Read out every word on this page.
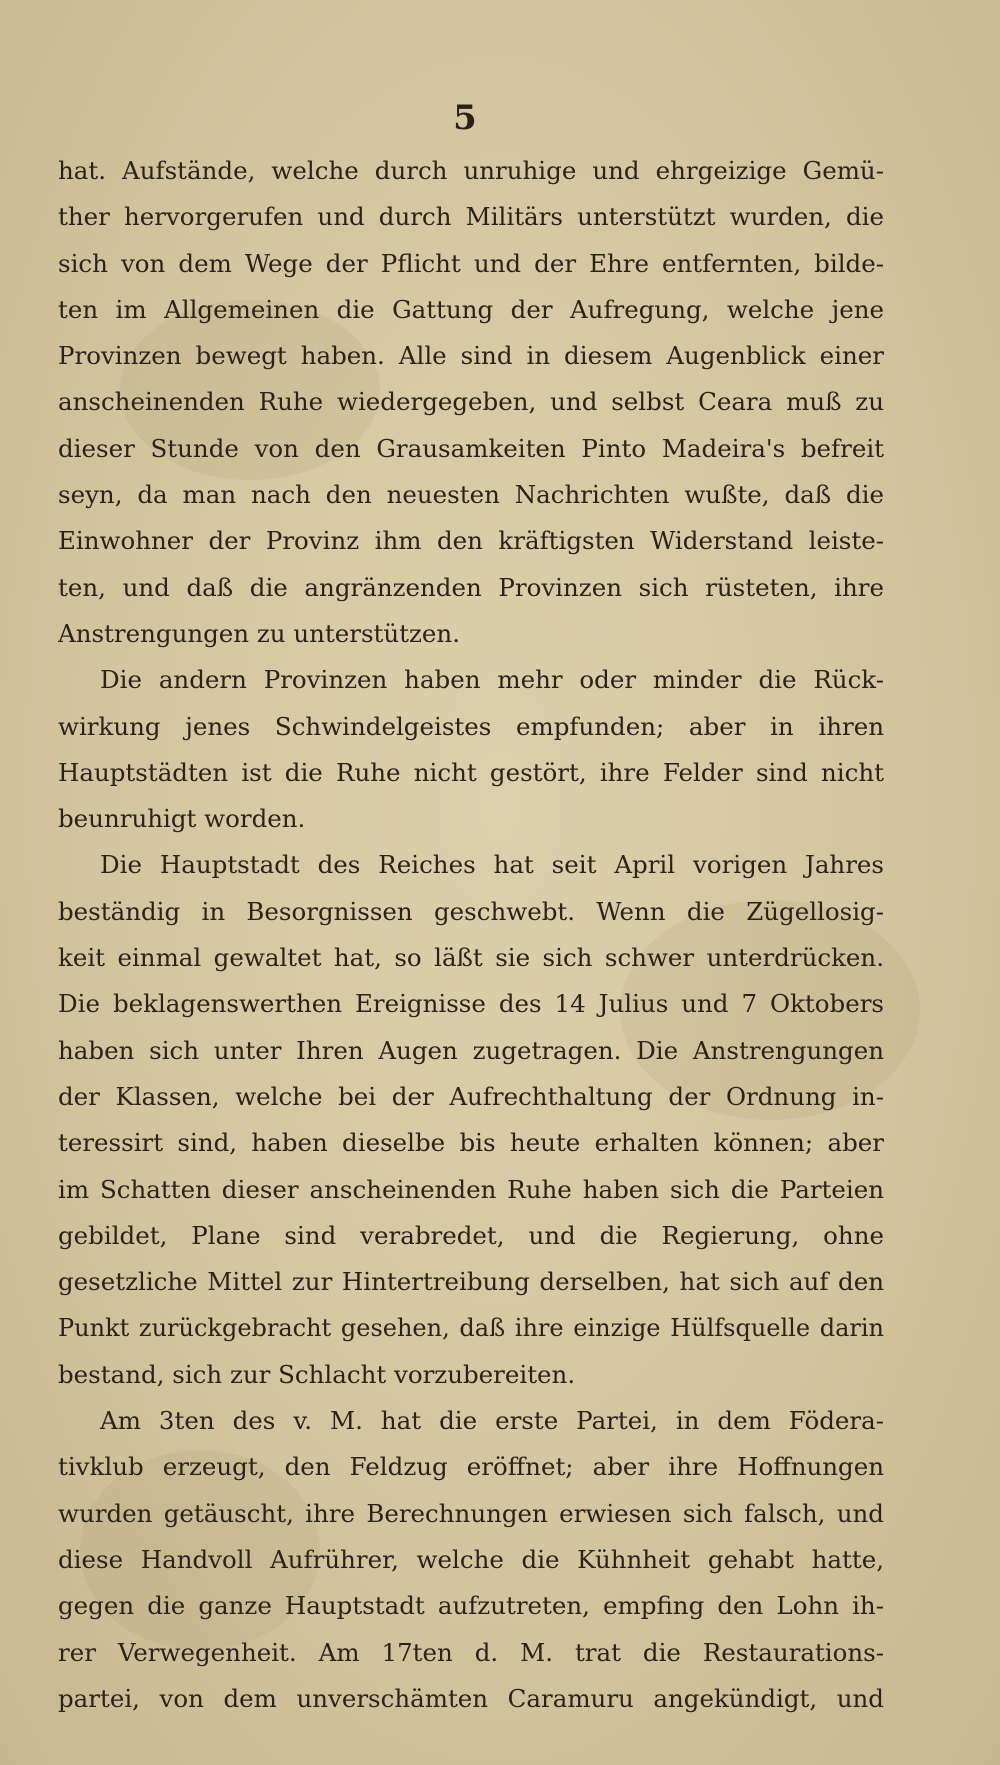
5
hat. Aufstände, welche durch unruhige und ehrgeizige Gemü-
ther hervorgerufen und durch Militärs unterstützt wurden, die
sich von dem Wege der Pflicht und der Ehre entfernten, bilde-
ten im Allgemeinen die Gattung der Aufregung, welche jene
Provinzen bewegt haben. Alle sind in diesem Augenblick einer
anscheinenden Ruhe wiedergegeben, und selbst Ceara muß zu
dieser Stunde von den Grausamkeiten Pinto Madeira's befreit
seyn, da man nach den neuesten Nachrichten wußte, daß die
Einwohner der Provinz ihm den kräftigsten Widerstand leiste-
ten, und daß die angränzenden Provinzen sich rüsteten, ihre
Anstrengungen zu unterstützen.
Die andern Provinzen haben mehr oder minder die Rück-
wirkung jenes Schwindelgeistes empfunden; aber in ihren
Hauptstädten ist die Ruhe nicht gestört, ihre Felder sind nicht
beunruhigt worden.
Die Hauptstadt des Reiches hat seit April vorigen Jahres
beständig in Besorgnissen geschwebt. Wenn die Zügellosig-
keit einmal gewaltet hat, so läßt sie sich schwer unterdrücken.
Die beklagenswerthen Ereignisse des 14 Julius und 7 Oktobers
haben sich unter Ihren Augen zugetragen. Die Anstrengungen
der Klassen, welche bei der Aufrechthaltung der Ordnung in-
teressirt sind, haben dieselbe bis heute erhalten können; aber
im Schatten dieser anscheinenden Ruhe haben sich die Parteien
gebildet, Plane sind verabredet, und die Regierung, ohne
gesetzliche Mittel zur Hintertreibung derselben, hat sich auf den
Punkt zurückgebracht gesehen, daß ihre einzige Hülfsquelle darin
bestand, sich zur Schlacht vorzubereiten.
Am 3ten des v. M. hat die erste Partei, in dem Födera-
tivklub erzeugt, den Feldzug eröffnet; aber ihre Hoffnungen
wurden getäuscht, ihre Berechnungen erwiesen sich falsch, und
diese Handvoll Aufrührer, welche die Kühnheit gehabt hatte,
gegen die ganze Hauptstadt aufzutreten, empfing den Lohn ih-
rer Verwegenheit. Am 17ten d. M. trat die Restaurations-
partei, von dem unverschämten Caramuru angekündigt, und
